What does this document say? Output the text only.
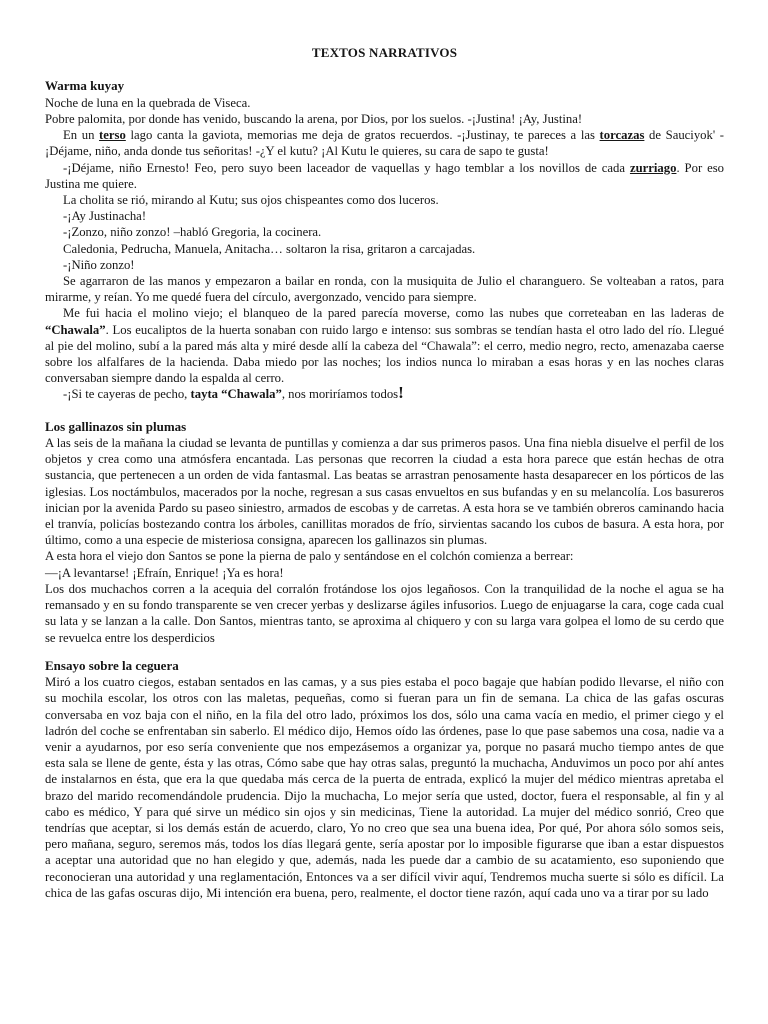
TEXTOS NARRATIVOS
Warma kuyay

Noche de luna en la quebrada de Viseca.

Pobre palomita, por donde has venido, buscando la arena, por Dios, por los suelos. -¡Justina! ¡Ay, Justina!

En un terso lago canta la gaviota, memorias me deja de gratos recuerdos. -¡Justinay, te pareces a las torcazas de Sauciyok' -¡Déjame, niño, anda donde tus señoritas! -¿Y el kutu? ¡Al Kutu le quieres, su cara de sapo te gusta!

-¡Déjame, niño Ernesto! Feo, pero suyo been laceador de vaquellas y hago temblar a los novillos de cada zurriago. Por eso Justina me quiere.

La cholita se rió, mirando al Kutu; sus ojos chispeantes como dos luceros.

-¡Ay Justinacha!

-¡Zonzo, niño zonzo! –habló Gregoria, la cocinera.

Caledonia, Pedrucha, Manuela, Anitacha… soltaron la risa, gritaron a carcajadas.

-¡Niño zonzo!

Se agarraron de las manos y empezaron a bailar en ronda, con la musiquita de Julio el charanguero. Se volteaban a ratos, para mirarme, y reían. Yo me quedé fuera del círculo, avergonzado, vencido para siempre.

Me fui hacia el molino viejo; el blanqueo de la pared parecía moverse, como las nubes que correteaban en las laderas de “Chawala”. Los eucaliptos de la huerta sonaban con ruido largo e intenso: sus sombras se tendían hasta el otro lado del río. Llegué al pie del molino, subí a la pared más alta y miré desde allí la cabeza del “Chawala”: el cerro, medio negro, recto, amenazaba caerse sobre los alfalfares de la hacienda. Daba miedo por las noches; los indios nunca lo miraban a esas horas y en las noches claras conversaban siempre dando la espalda al cerro.

-¡Si te cayeras de pecho, tayta “Chawala”, nos moriríamos todos!

Los gallinazos sin plumas

A las seis de la mañana la ciudad se levanta de puntillas y comienza a dar sus primeros pasos. Una fina niebla disuelve el perfil de los objetos y crea como una atmósfera encantada. Las personas que recorren la ciudad a esta hora parece que están hechas de otra sustancia, que pertenecen a un orden de vida fantasmal. Las beatas se arrastran penosamente hasta desaparecer en los pórticos de las iglesias. Los noctámbulos, macerados por la noche, regresan a sus casas envueltos en sus bufandas y en su melancolía. Los basureros inician por la avenida Pardo su paseo siniestro, armados de escobas y de carretas. A esta hora se ve también obreros caminando hacia el tranvía, policías bostezando contra los árboles, canillitas morados de frío, sirvientas sacando los cubos de basura. A esta hora, por último, como a una especie de misteriosa consigna, aparecen los gallinazos sin plumas.

A esta hora el viejo don Santos se pone la pierna de palo y sentándose en el colchón comienza a berrear:

—¡A levantarse! ¡Efraín, Enrique! ¡Ya es hora!

Los dos muchachos corren a la acequia del corralón frotándose los ojos legañosos. Con la tranquilidad de la noche el agua se ha remansado y en su fondo transparente se ven crecer yerbas y deslizarse ágiles infusorios. Luego de enjuagarse la cara, coge cada cual su lata y se lanzan a la calle. Don Santos, mientras tanto, se aproxima al chiquero y con su larga vara golpea el lomo de su cerdo que se revuelca entre los desperdicios

Ensayo sobre la ceguera

Miró a los cuatro ciegos, estaban sentados en las camas, y a sus pies estaba el poco bagaje que habían podido llevarse, el niño con su mochila escolar, los otros con las maletas, pequeñas, como si fueran para un fin de semana. La chica de las gafas oscuras conversaba en voz baja con el niño, en la fila del otro lado, próximos los dos, sólo una cama vacía en medio, el primer ciego y el ladrón del coche se enfrentaban sin saberlo. El médico dijo, Hemos oído las órdenes, pase lo que pase sabemos una cosa, nadie va a venir a ayudarnos, por eso sería conveniente que nos empezásemos a organizar ya, porque no pasará mucho tiempo antes de que esta sala se llene de gente, ésta y las otras, Cómo sabe que hay otras salas, preguntó la muchacha, Anduvimos un poco por ahí antes de instalarnos en ésta, que era la que quedaba más cerca de la puerta de entrada, explicó la mujer del médico mientras apretaba el brazo del marido recomendándole prudencia. Dijo la muchacha, Lo mejor sería que usted, doctor, fuera el responsable, al fin y al cabo es médico, Y para qué sirve un médico sin ojos y sin medicinas, Tiene la autoridad. La mujer del médico sonrió, Creo que tendrías que aceptar, si los demás están de acuerdo, claro, Yo no creo que sea una buena idea, Por qué, Por ahora sólo somos seis, pero mañana, seguro, seremos más, todos los días llegará gente, sería apostar por lo imposible figurarse que iban a estar dispuestos a aceptar una autoridad que no han elegido y que, además, nada les puede dar a cambio de su acatamiento, eso suponiendo que reconocieran una autoridad y una reglamentación, Entonces va a ser difícil vivir aquí, Tendremos mucha suerte si sólo es difícil. La chica de las gafas oscuras dijo, Mi intención era buena, pero, realmente, el doctor tiene razón, aquí cada uno va a tirar por su lado
